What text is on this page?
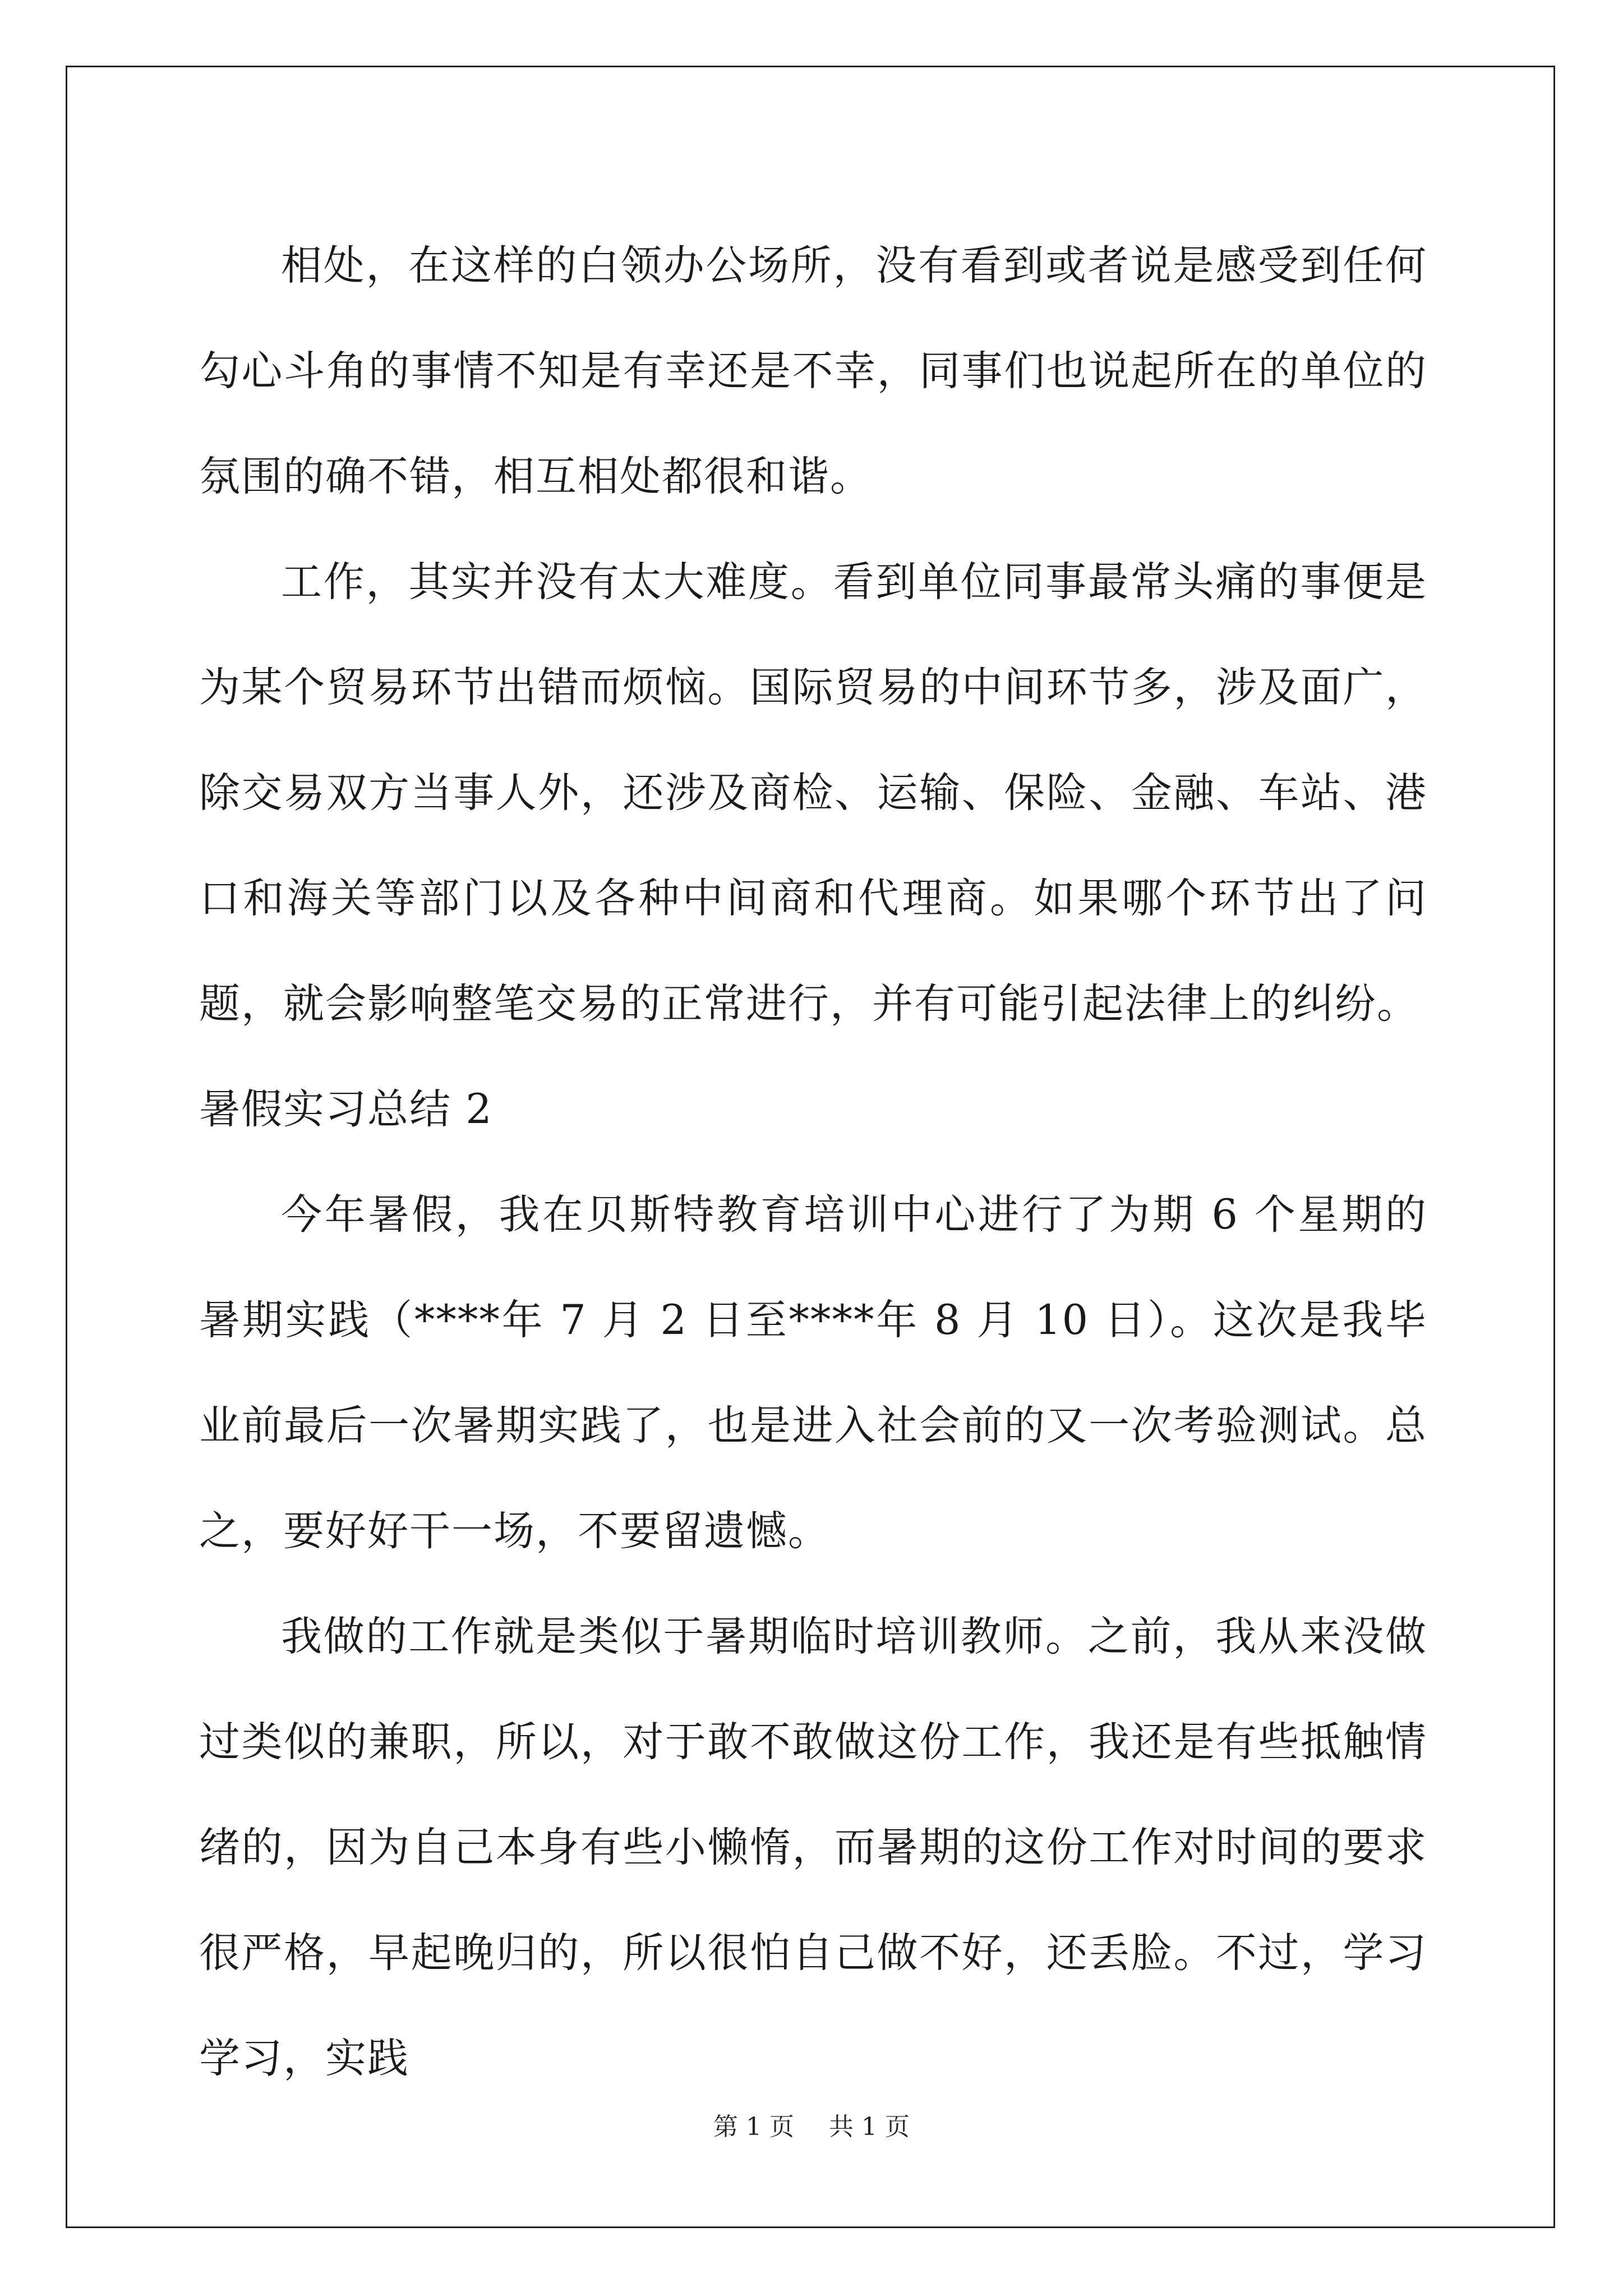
相处，在这样的白领办公场所，没有看到或者说是感受到任何勾心斗角的事情不知是有幸还是不幸，同事们也说起所在的单位的氛围的确不错，相互相处都很和谐。

工作，其实并没有太大难度。看到单位同事最常头痛的事便是为某个贸易环节出错而烦恼。国际贸易的中间环节多，涉及面广，除交易双方当事人外，还涉及商检、运输、保险、金融、车站、港口和海关等部门以及各种中间商和代理商。如果哪个环节出了问题，就会影响整笔交易的正常进行，并有可能引起法律上的纠纷。

暑假实习总结 2

今年暑假，我在贝斯特教育培训中心进行了为期 6 个星期的暑期实践（****年 7 月 2 日至****年 8 月 10 日）。这次是我毕业前最后一次暑期实践了，也是进入社会前的又一次考验测试。总之，要好好干一场，不要留遗憾。

我做的工作就是类似于暑期临时培训教师。之前，我从来没做过类似的兼职，所以，对于敢不敢做这份工作，我还是有些抵触情绪的，因为自己本身有些小懒惰，而暑期的这份工作对时间的要求很严格，早起晚归的，所以很怕自己做不好，还丢脸。不过，学习学习，实践

第 1 页 共 1 页
